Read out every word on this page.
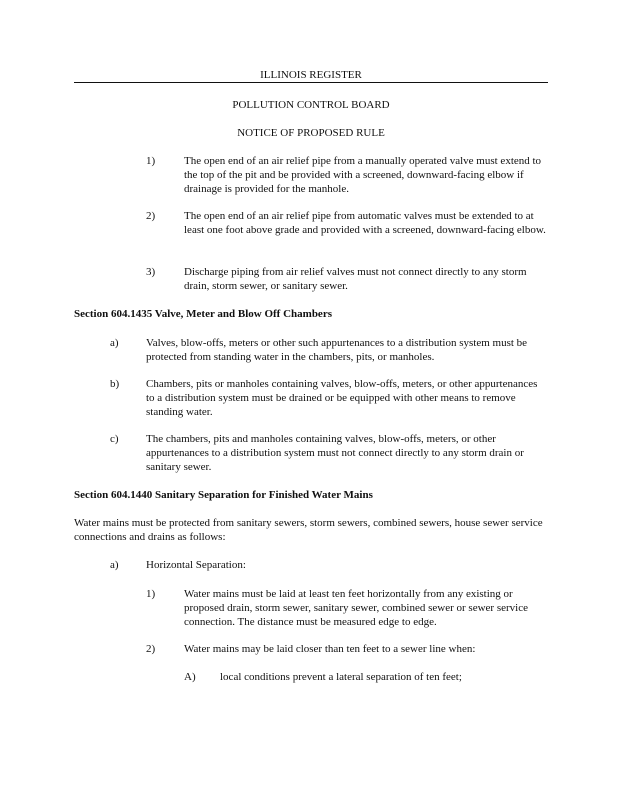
ILLINOIS REGISTER
POLLUTION CONTROL BOARD
NOTICE OF PROPOSED RULE
1)	The open end of an air relief pipe from a manually operated valve must extend to the top of the pit and be provided with a screened, downward-facing elbow if drainage is provided for the manhole.
2)	The open end of an air relief pipe from automatic valves must be extended to at least one foot above grade and provided with a screened, downward-facing elbow.
3)	Discharge piping from air relief valves must not connect directly to any storm drain, storm sewer, or sanitary sewer.
Section 604.1435 Valve, Meter and Blow Off Chambers
a) Valves, blow-offs, meters or other such appurtenances to a distribution system must be protected from standing water in the chambers, pits, or manholes.
b) Chambers, pits or manholes containing valves, blow-offs, meters, or other appurtenances to a distribution system must be drained or be equipped with other means to remove standing water.
c) The chambers, pits and manholes containing valves, blow-offs, meters, or other appurtenances to a distribution system must not connect directly to any storm drain or sanitary sewer.
Section 604.1440 Sanitary Separation for Finished Water Mains
Water mains must be protected from sanitary sewers, storm sewers, combined sewers, house sewer service connections and drains as follows:
a) Horizontal Separation:
1)	Water mains must be laid at least ten feet horizontally from any existing or proposed drain, storm sewer, sanitary sewer, combined sewer or sewer service connection. The distance must be measured edge to edge.
2)	Water mains may be laid closer than ten feet to a sewer line when:
A) local conditions prevent a lateral separation of ten feet;
